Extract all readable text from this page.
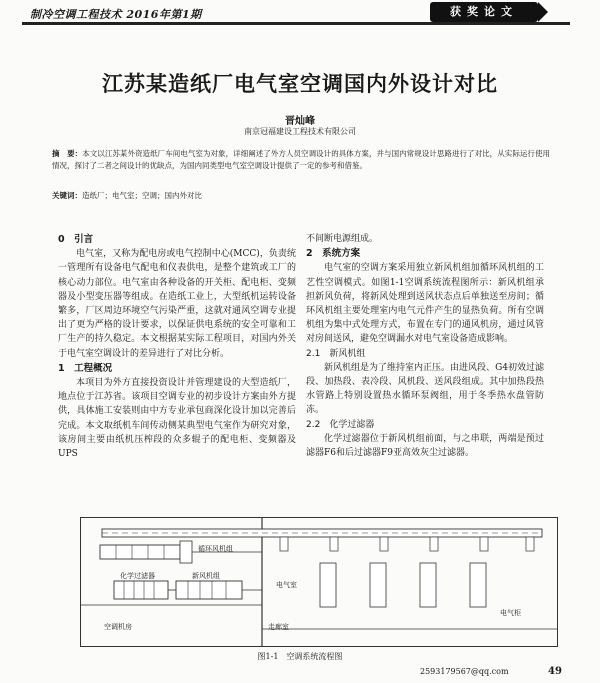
制冷空调工程技术 2016年第1期	获奖论文
江苏某造纸厂电气室空调国内外设计对比
晋灿峰
南京冠福建设工程技术有限公司
摘　要：本文以江苏某外资造纸厂车间电气室为对象，详细阐述了外方人员空调设计的具体方案，并与国内常规设计思路进行了对比，从实际运行使用情况，探讨了二者之间设计的优缺点，为国内同类型电气室空调设计提供了一定的参考和借鉴。
关键词：造纸厂；电气室；空调；国内外对比
0　引言

电气室，又称为配电房或电气控制中心(MCC)，负责统一管理所有设备电气配电和仪表供电，是整个建筑或工厂的核心动力部位。电气室由各种设备的开关柜、配电柜、变频器及小型变压器等组成。在造纸工业上，大型纸机运转设备繁多，厂区周边环境空气污染严重，这就对通风空调专业提出了更为严格的设计要求，以保证供电系统的安全可靠和工厂生产的持久稳定。本文根据某实际工程项目，对国内外关于电气室空调设计的差异进行了对比分析。

1　工程概况

本项目为外方直接投资设计并管理建设的大型造纸厂，地点位于江苏省。该项目空调专业的初步设计方案由外方提供，具体施工安装则由中方专业承包商深化设计加以完善后完成。本文取纸机车间传动侧某典型电气室作为研究对象，该房间主要由纸机压榨段的众多辊子的配电柜、变频器及UPS

不间断电源组成。

2　系统方案

电气室的空调方案采用独立新风机组加循环风机组的工艺性空调模式。如图1-1空调系统流程图所示：新风机组承担新风负荷，将新风处理到送风状态点后单独送至房间；循环风机组主要处理室内电气元件产生的显热负荷。所有空调机组为集中式处理方式，布置在专门的通风机房，通过风管对房间送风，避免空调漏水对电气室设备造成影响。

2.1　新风机组

新风机组是为了维持室内正压。由进风段、G4初效过滤段、加热段、表冷段、风机段、送风段组成。其中加热段热水管路上特别设置热水循环泵阀组，用于冬季热水盘管防冻。

2.2　化学过滤器

化学过滤器位于新风机组前面，与之串联，两端是预过滤器F6和后过滤器F9亚高效灰尘过滤器。

循环风机组
化学过滤器	新风机组
电气室
电气柜
空调机房	走廊室
图1-1　空调系统流程图
2593179567@qq.com	49
